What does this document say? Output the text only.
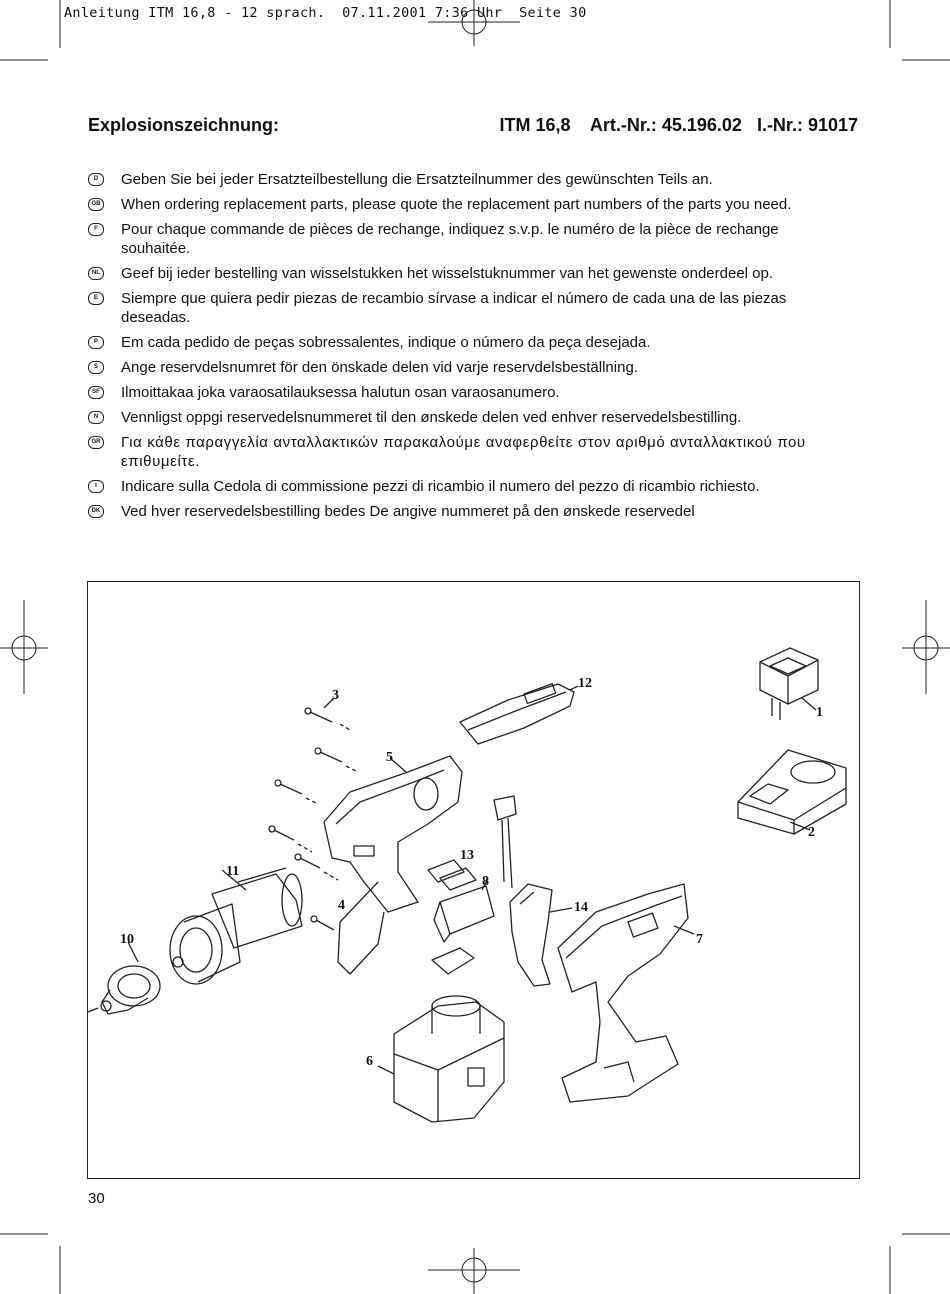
Anleitung ITM 16,8 - 12 sprach.  07.11.2001 7:36 Uhr  Seite 30
Explosionszeichnung:	ITM 16,8    Art.-Nr.: 45.196.02   I.-Nr.: 91017
D	Geben Sie bei jeder Ersatzteilbestellung die Ersatzteilnummer des gewünschten Teils an.
GB When ordering replacement parts, please quote the replacement part numbers of the parts you need.
F	Pour chaque commande de pièces de rechange, indiquez s.v.p. le numéro de la pièce de rechange souhaitée.
NL Geef bij ieder bestelling van wisselstukken het wisselstuknummer van het gewenste onderdeel op.
E	Siempre que quiera pedir piezas de recambio sírvase a indicar el número de cada una de las piezas deseadas.
P	Em cada pedido de peças sobressalentes, indique o número da peça desejada.
S	Ange reservdelsnumret för den önskade delen vid varje reservdelsbeställning.
SF Ilmoittakaa joka varaosatilauksessa halutun osan varaosanumero.
N	Vennligst oppgi reservedelsnummeret til den ønskede delen ved enhver reservedelsbestilling.
GR Για κάθε παραγγελία ανταλλακτικών παρακαλούμε αναφερθείτε στον αριθμό ανταλλακτικού που επιθυμείτε.
I	Indicare sulla Cedola di commissione pezzi di ricambio il numero del pezzo di ricambio richiesto.
DK Ved hver reservedelsbestilling bedes De angive nummeret på den ønskede reservedel
1
2
3
4
5
6
7
8
10
11
12
13
14
30
